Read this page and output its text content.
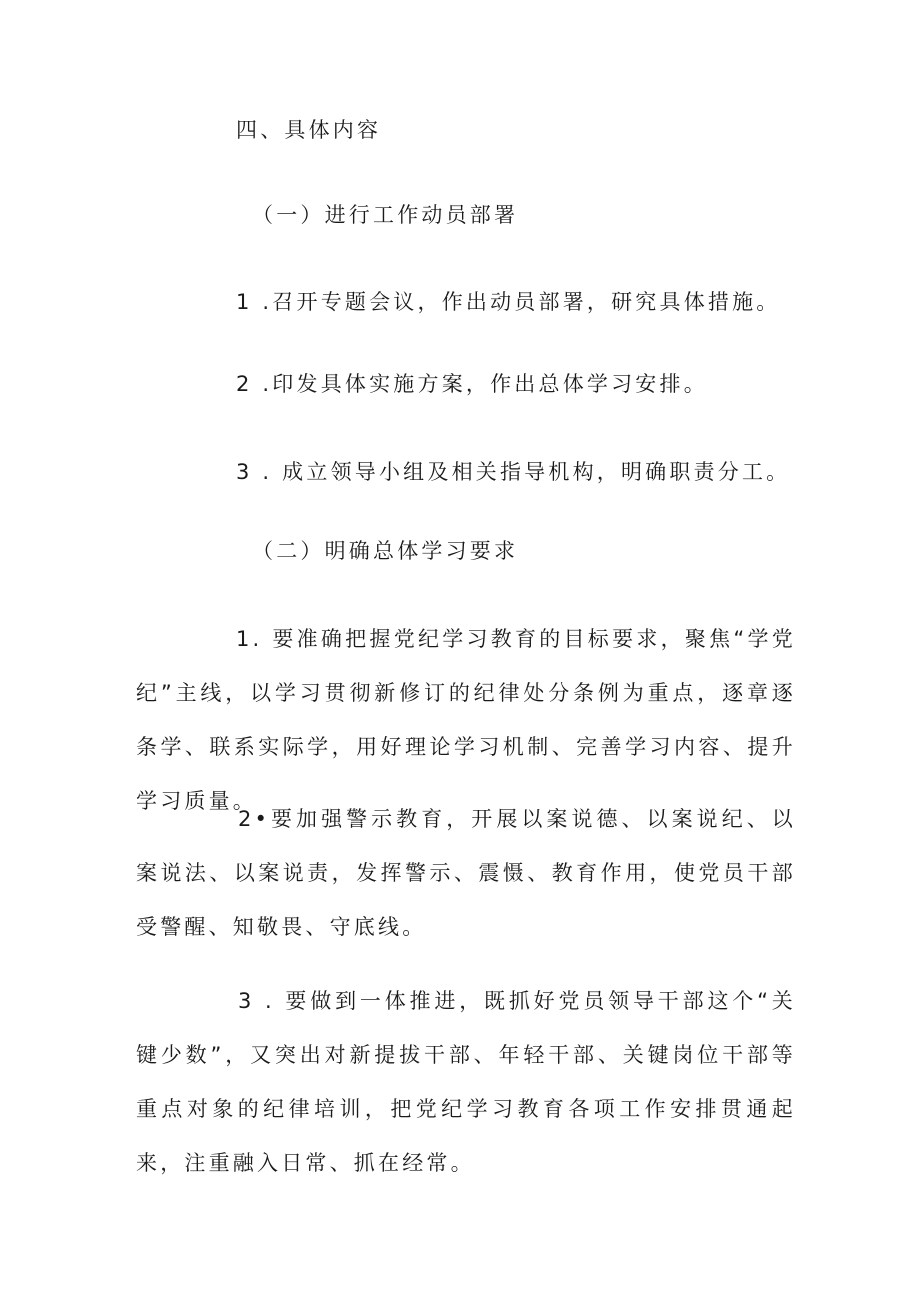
四、具体内容

（一）进行工作动员部署

1 .召开专题会议，作出动员部署，研究具体措施。

2 .印发具体实施方案，作出总体学习安排。

3 . 成立领导小组及相关指导机构，明确职责分工。

（二）明确总体学习要求

1. 要准确把握党纪学习教育的目标要求，聚焦“学党纪”主线，以学习贯彻新修订的纪律处分条例为重点，逐章逐条学、联系实际学，用好理论学习机制、完善学习内容、提升学习质量。

2•要加强警示教育，开展以案说德、以案说纪、以案说法、以案说责，发挥警示、震慑、教育作用，使党员干部受警醒、知敬畏、守底线。

3 . 要做到一体推进，既抓好党员领导干部这个“关键少数”，又突出对新提拔干部、年轻干部、关键岗位干部等重点对象的纪律培训，把党纪学习教育各项工作安排贯通起来，注重融入日常、抓在经常。
